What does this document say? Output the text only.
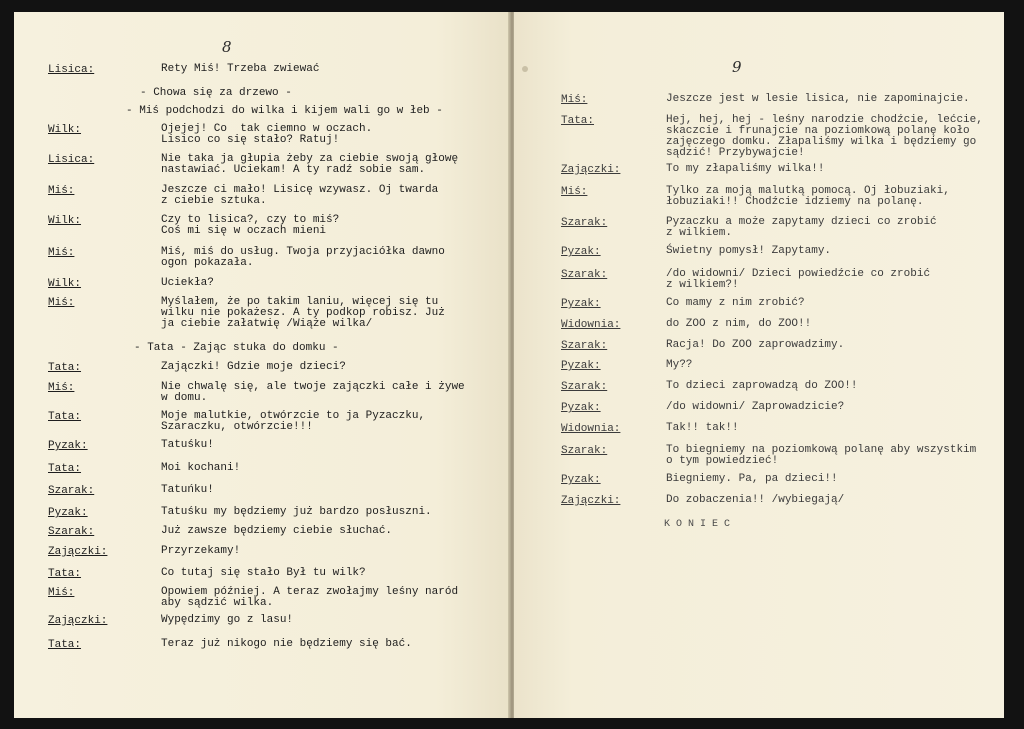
8
Lisica:	Rety Miś! Trzeba zwiewać
- Chowa się za drzewo -
- Miś podchodzi do wilka i kijem wali go w łeb -
Wilk:	Ojejej! Co  tak ciemno w oczach.
Lisico co się stało? Ratuj!
Lisica:	Nie taka ja głupia żeby za ciebie swoją głowę
nastawiać. Uciekam! A ty radź sobie sam.
Miś:	Jeszcze ci mało! Lisicę wzywasz. Oj twarda
z ciebie sztuka.
Wilk:	Czy to lisica?, czy to miś?
Coś mi się w oczach mieni
Miś:	Miś, miś do usług. Twoja przyjaciółka dawno
ogon pokazała.
Wilk:	Uciekła?
Miś:	Myślałem, że po takim laniu, więcej się tu
wilku nie pokażesz. A ty podkop robisz. Już
ja ciebie załatwię /Wiąże wilka/
- Tata - Zając stuka do domku -
Tata:	Zajączki! Gdzie moje dzieci?
Miś:	Nie chwalę się, ale twoje zajączki całe i żywe
w domu.
Tata:	Moje malutkie, otwórzcie to ja Pyzaczku,
Szaraczku, otwórzcie!!!
Pyzak:	Tatuśku!
Tata:	Moi kochani!
Szarak:	Tatuńku!
Pyzak:	Tatuśku my będziemy już bardzo posłuszni.
Szarak:	Już zawsze będziemy ciebie słuchać.
Zajączki:	Przyrzekamy!
Tata:	Co tutaj się stało Był tu wilk?
Miś:	Opowiem później. A teraz zwołajmy leśny naród
aby sądzić wilka.
Zajączki:	Wypędzimy go z lasu!
Tata:	Teraz już nikogo nie będziemy się bać.
9
KONIEC
Miś:	Jeszcze jest w lesie lisica, nie zapominajcie.
Tata:	Hej, hej, hej - leśny narodzie chodźcie, lećcie,
skaczcie i frunajcie na poziomkową polanę koło
zajęczego domku. Złapaliśmy wilka i będziemy go
sądzić! Przybywajcie!
Zajączki:	To my złapaliśmy wilka!!
Miś:	Tylko za moją malutką pomocą. Oj łobuziaki,
łobuziaki!! Chodźcie idziemy na polanę.
Szarak:	Pyzaczku a może zapytamy dzieci co zrobić
z wilkiem.
Pyzak:	Świetny pomysł! Zapytamy.
Szarak:	/do widowni/ Dzieci powiedźcie co zrobić
z wilkiem?!
Pyzak:	Co mamy z nim zrobić?
Widownia:	do ZOO z nim, do ZOO!!
Szarak:	Racja! Do ZOO zaprowadzimy.
Pyzak:	My??
Szarak:	To dzieci zaprowadzą do ZOO!!
Pyzak:	/do widowni/ Zaprowadzicie?
Widownia:	Tak!! tak!!
Szarak:	To biegniemy na poziomkową polanę aby wszystkim
o tym powiedzieć!
Pyzak:	Biegniemy. Pa, pa dzieci!!
Zajączki:	Do zobaczenia!! /wybiegają/
